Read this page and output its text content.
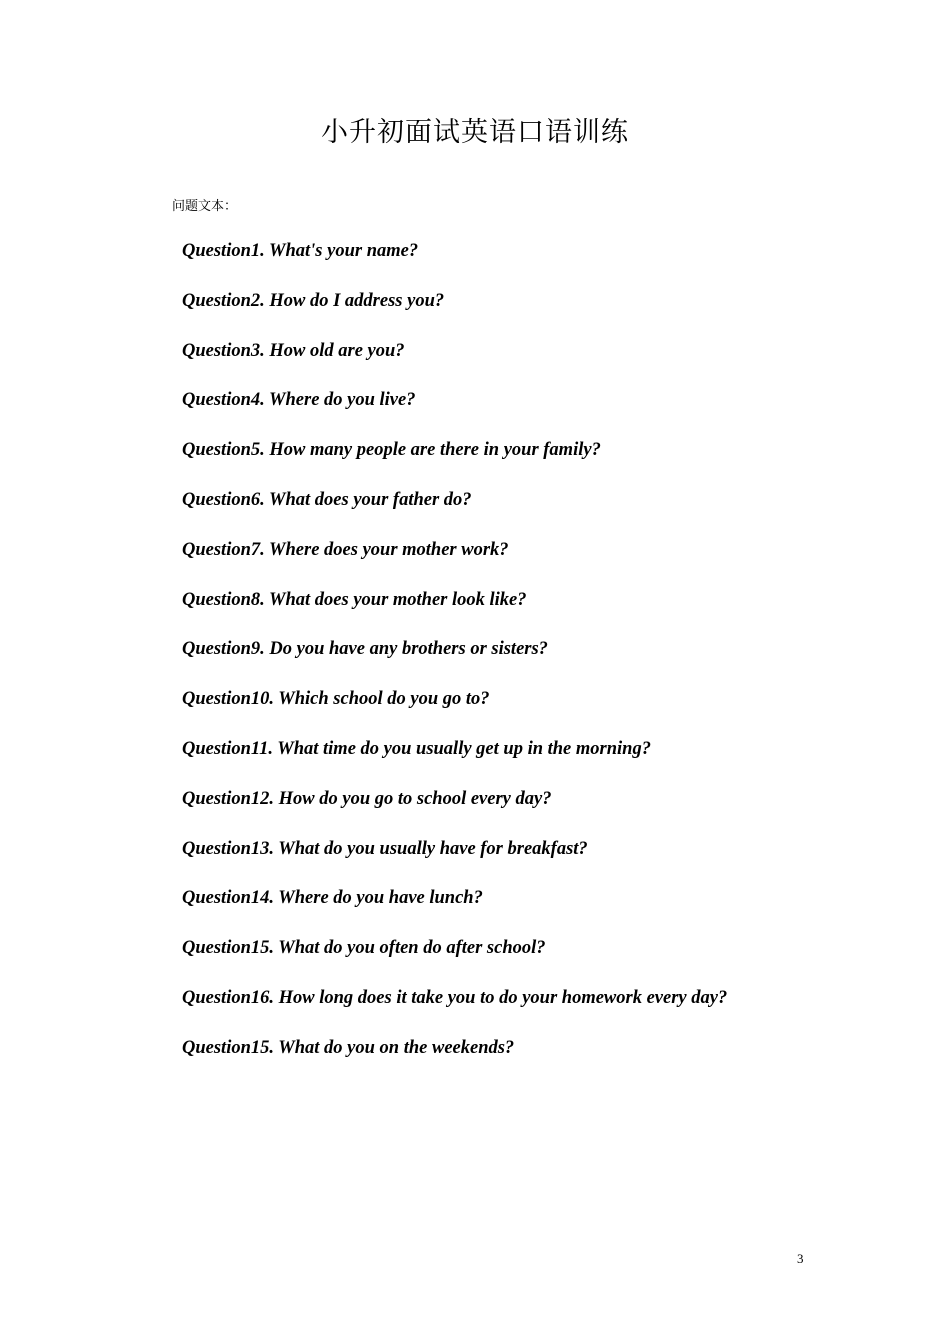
小升初面试英语口语训练
问题文本：
Question1. What's your name?
Question2. How do I address you?
Question3. How old are you?
Question4. Where do you live?
Question5. How many people are there in your family?
Question6. What does your father do?
Question7. Where does your mother work?
Question8. What does your mother look like?
Question9. Do you have any brothers or sisters?
Question10. Which school do you go to?
Question11. What time do you usually get up in the morning?
Question12. How do you go to school every day?
Question13. What do you usually have for breakfast?
Question14. Where do you have lunch?
Question15. What do you often do after school?
Question16. How long does it take you to do your homework every day?
Question15. What do you on the weekends?
3
